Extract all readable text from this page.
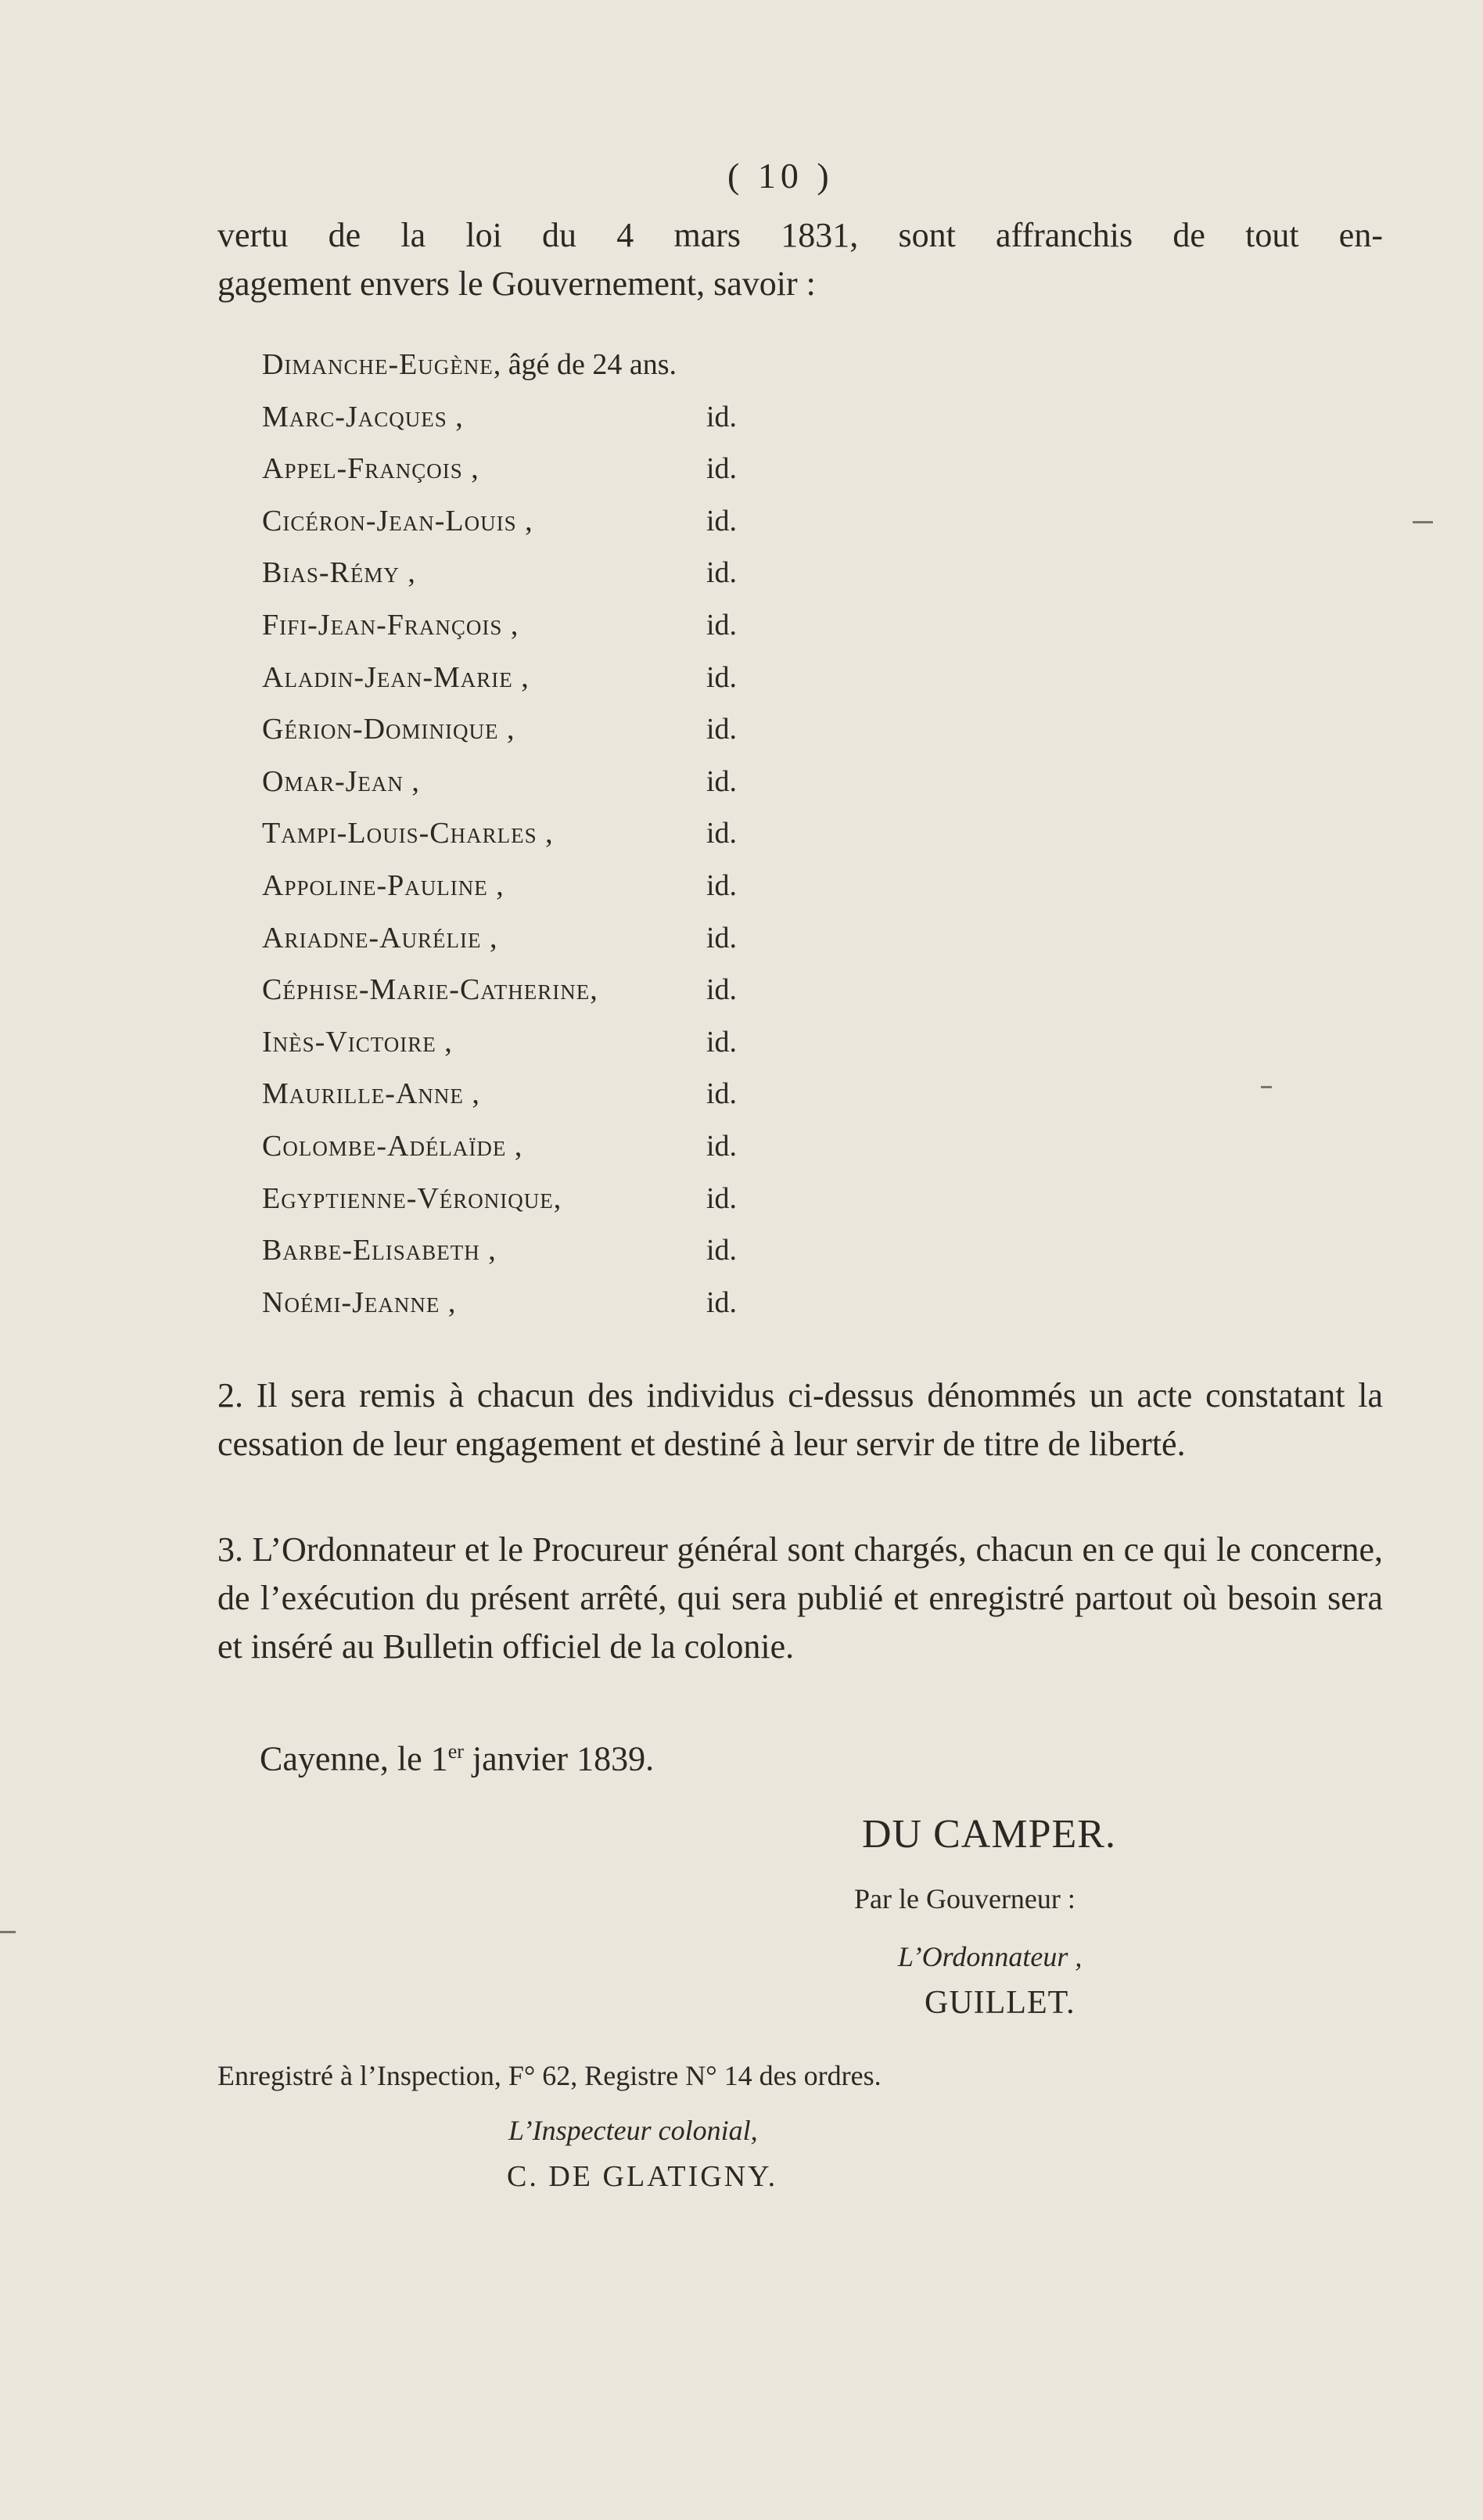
( 10 )

vertu de la loi du 4 mars 1831, sont affranchis de tout en-
gagement envers le Gouvernement, savoir :

Dimanche-Eugène, âgé de 24 ans.
Marc-Jacques ,	id.
Appel-François ,	id.
Cicéron-Jean-Louis ,	id.
Bias-Rémy ,	id.
Fifi-Jean-François ,	id.
Aladin-Jean-Marie ,	id.
Gérion-Dominique ,	id.
Omar-Jean ,	id.
Tampi-Louis-Charles ,	id.
Appoline-Pauline ,	id.
Ariadne-Aurélie ,	id.
Céphise-Marie-Catherine,	id.
Inès-Victoire ,	id.
Maurille-Anne ,	id.
Colombe-Adélaïde ,	id.
Egyptienne-Véronique,	id.
Barbe-Elisabeth ,	id.
Noémi-Jeanne ,	id.

2. Il sera remis à chacun des individus ci-dessus dénommés un acte constatant la cessation de leur engagement et destiné à leur servir de titre de liberté.

3. L’Ordonnateur et le Procureur général sont chargés, chacun en ce qui le concerne, de l’exécution du présent arrêté, qui sera publié et enregistré partout où besoin sera et inséré au Bulletin officiel de la colonie.

Cayenne, le 1er janvier 1839.

DU CAMPER.
Par le Gouverneur :
L’Ordonnateur ,
GUILLET.
Enregistré à l’Inspection, F° 62, Registre N° 14 des ordres.
L’Inspecteur colonial,
C. DE GLATIGNY.
